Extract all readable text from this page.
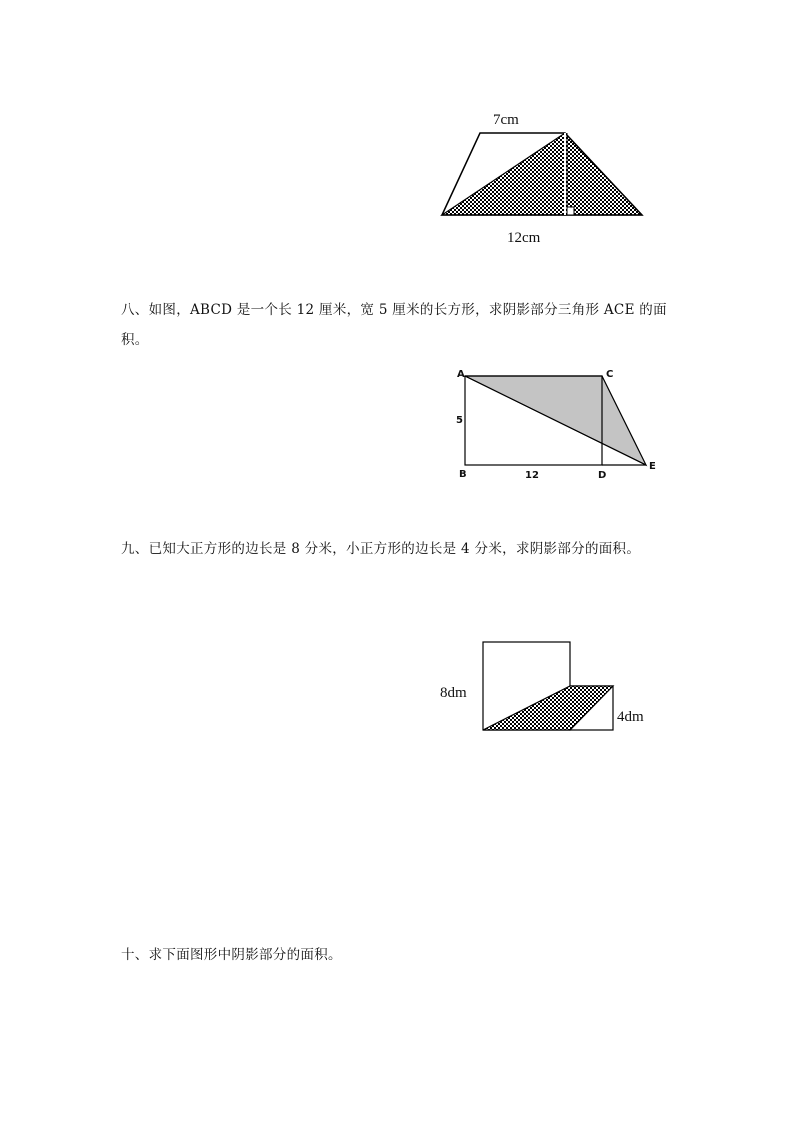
7cm
12cm

八、如图，ABCD 是一个长 12 厘米，宽 5 厘米的长方形，求阴影部分三角形 ACE 的面积。

A	C
B	D
E
5
12

九、已知大正方形的边长是 8 分米，小正方形的边长是 4 分米，求阴影部分的面积。

8dm
4dm

十、求下面图形中阴影部分的面积。
